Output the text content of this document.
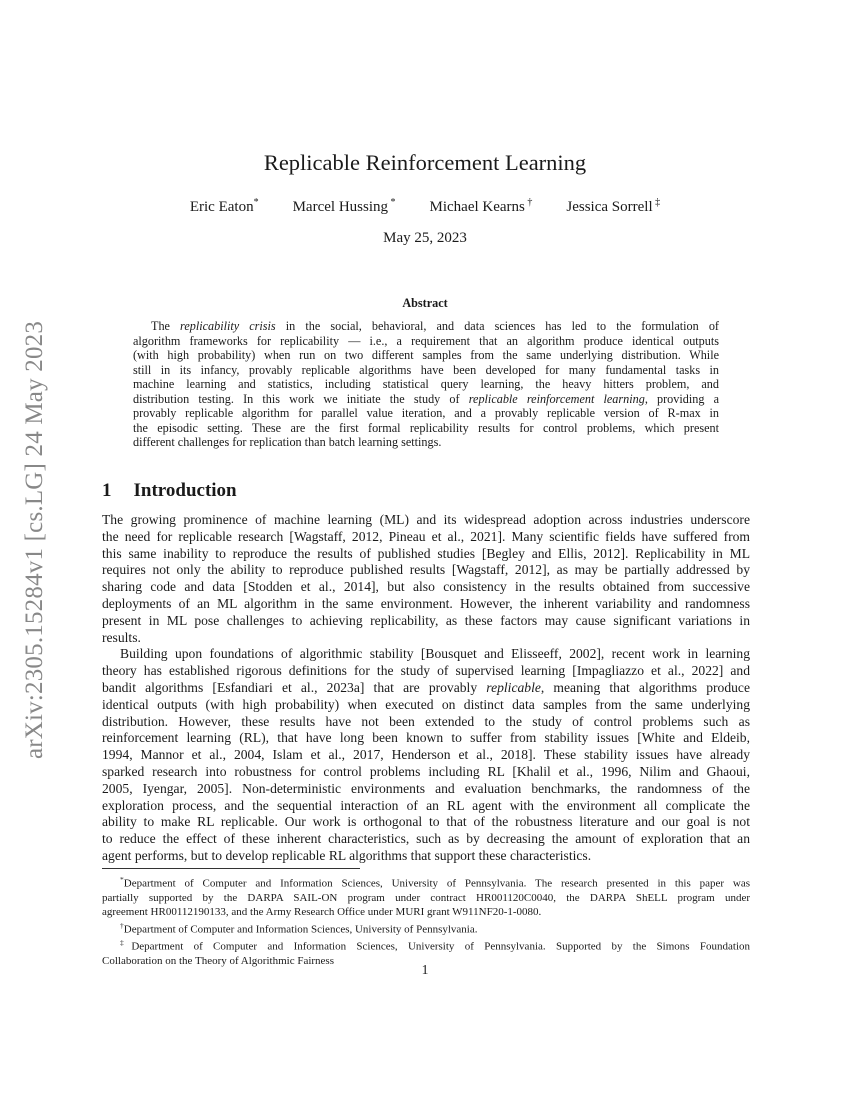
arXiv:2305.15284v1 [cs.LG] 24 May 2023
Replicable Reinforcement Learning
Eric Eaton* Marcel Hussing * Michael Kearns † Jessica Sorrell ‡
May 25, 2023
Abstract
The replicability crisis in the social, behavioral, and data sciences has led to the formulation of
algorithm frameworks for replicability — i.e., a requirement that an algorithm produce identical outputs
(with high probability) when run on two different samples from the same underlying distribution. While
still in its infancy, provably replicable algorithms have been developed for many fundamental tasks in
machine learning and statistics, including statistical query learning, the heavy hitters problem, and
distribution testing. In this work we initiate the study of replicable reinforcement learning, providing a
provably replicable algorithm for parallel value iteration, and a provably replicable version of R-max in
the episodic setting. These are the first formal replicability results for control problems, which present
different challenges for replication than batch learning settings.
1 Introduction
The growing prominence of machine learning (ML) and its widespread adoption across industries underscore
the need for replicable research [Wagstaff, 2012, Pineau et al., 2021]. Many scientific fields have suffered from
this same inability to reproduce the results of published studies [Begley and Ellis, 2012]. Replicability in ML
requires not only the ability to reproduce published results [Wagstaff, 2012], as may be partially addressed by
sharing code and data [Stodden et al., 2014], but also consistency in the results obtained from successive
deployments of an ML algorithm in the same environment. However, the inherent variability and randomness
present in ML pose challenges to achieving replicability, as these factors may cause significant variations in
results.
Building upon foundations of algorithmic stability [Bousquet and Elisseeff, 2002], recent work in learning
theory has established rigorous definitions for the study of supervised learning [Impagliazzo et al., 2022] and
bandit algorithms [Esfandiari et al., 2023a] that are provably replicable, meaning that algorithms produce
identical outputs (with high probability) when executed on distinct data samples from the same underlying
distribution. However, these results have not been extended to the study of control problems such as
reinforcement learning (RL), that have long been known to suffer from stability issues [White and Eldeib,
1994, Mannor et al., 2004, Islam et al., 2017, Henderson et al., 2018]. These stability issues have already
sparked research into robustness for control problems including RL [Khalil et al., 1996, Nilim and Ghaoui,
2005, Iyengar, 2005]. Non-deterministic environments and evaluation benchmarks, the randomness of the
exploration process, and the sequential interaction of an RL agent with the environment all complicate the
ability to make RL replicable. Our work is orthogonal to that of the robustness literature and our goal is not
to reduce the effect of these inherent characteristics, such as by decreasing the amount of exploration that an
agent performs, but to develop replicable RL algorithms that support these characteristics.
*Department of Computer and Information Sciences, University of Pennsylvania. The research presented in this paper was
partially supported by the DARPA SAIL-ON program under contract HR001120C0040, the DARPA ShELL program under
agreement HR00112190133, and the Army Research Office under MURI grant W911NF20-1-0080.
†Department of Computer and Information Sciences, University of Pennsylvania.
‡Department of Computer and Information Sciences, University of Pennsylvania. Supported by the Simons Foundation
Collaboration on the Theory of Algorithmic Fairness
1
